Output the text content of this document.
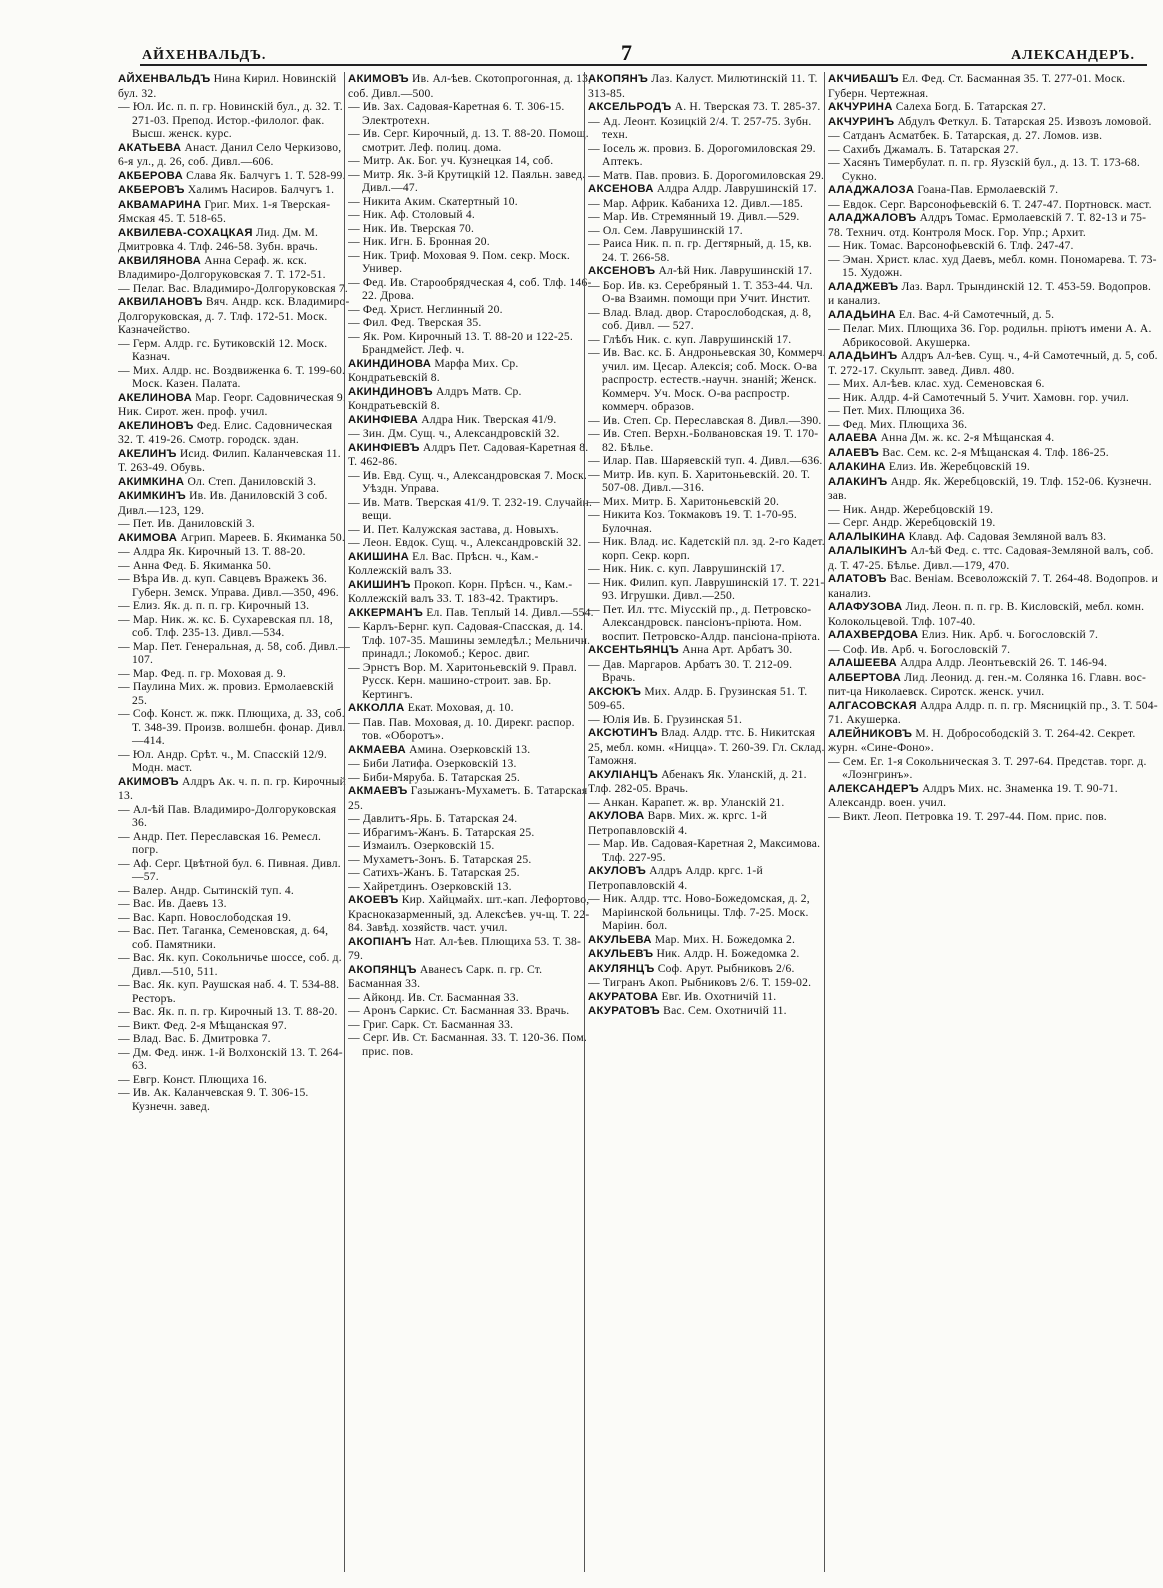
АЙХЕНВАЛЬДЪ.	7	АЛЕКСАНДЕРЪ.
АЙХЕНВАЛЬДЪ Нина Кирил. Новинскій бул. 32.
— Юл. Ис. п. п. гр. Новинскій бул., д. 32. Т. 271-03. Препод. Истор.-филолог. фак. Высш. женск. курс.
АКАТЬЕВА Анаст. Данил Село Черкизово, 6-я ул., д. 26, соб. Дивл.—606.
АКБЕРОВА Слава Як. Балчугъ 1. Т. 528-99.
АКБЕРОВЪ Халимъ Насиров. Балчугъ 1.
АКВАМАРИНА Григ. Мих. 1-я Тверская-Ямская 45. Т. 518-65.
АКВИЛЕВА-СОХАЦКАЯ Лид. Дм. М. Дмитровка 4. Тлф. 246-58. Зубн. врачь.
АКВИЛЯНОВА Анна Сераф. ж. кск. Владимиро-Долгоруковская 7. Т. 172-51.
— Пелаг. Вас. Владимиро-Долгоруковская 7.
АКВИЛАНОВЪ Вяч. Андр. кск. Владимиро-Долгоруковская, д. 7. Тлф. 172-51. Моск. Казначейство.
— Герм. Алдр. гс. Бутиковскій 12. Моск. Казнач.
— Мих. Алдр. нс. Воздвиженка 6. Т. 199-60. Моск. Казен. Палата.
АКЕЛИНОВА Мар. Георг. Садовническая 9. Ник. Сирот. жен. проф. учил.
АКЕЛИНОВЪ Фед. Елис. Садовническая 32. Т. 419-26. Смотр. городск. здан.
АКЕЛИНЪ Исид. Филип. Каланчевская 11. Т. 263-49. Обувь.
АКИМКИНА Ол. Степ. Даниловскій 3.
АКИМКИНЪ Ив. Ив. Даниловскій 3 соб. Дивл.—123, 129.
— Пет. Ив. Даниловскій 3.
АКИМОВА Агрип. Мареев. Б. Якиманка 50.
— Алдра Як. Кирочный 13. Т. 88-20.
— Анна Фед. Б. Якиманка 50.
— Вѣра Ив. д. куп. Савцевъ Вражекъ 36. Губерн. Земск. Управа. Дивл.—350, 496.
— Елиз. Як. д. п. п. гр. Кирочный 13.
— Мар. Ник. ж. кс. Б. Сухаревская пл. 18, соб. Тлф. 235-13. Дивл.—534.
— Мар. Пет. Генеральная, д. 58, соб. Дивл.—107.
— Мар. Фед. п. гр. Моховая д. 9.
— Паулина Мих. ж. провиз. Ермолаевскій 25.
— Соф. Конст. ж. пжк. Плющиха, д. 33, соб. Т. 348-39. Произв. волшебн. фонар. Дивл.—414.
— Юл. Андр. Срѣт. ч., М. Спасскій 12/9. Модн. маст.
АКИМОВЪ Алдръ Ак. ч. п. п. гр. Кирочный 13.
— Ал-ѣй Пав. Владимиро-Долгоруковская 36.
— Андр. Пет. Переславская 16. Ремесл. погр.
— Аф. Серг. Цвѣтной бул. 6. Пивная. Дивл.—57.
— Валер. Андр. Сытинскій туп. 4.
— Вас. Ив. Даевъ 13.
— Вас. Карп. Новослободская 19.
— Вас. Пет. Таганка, Семеновская, д. 64, соб. Памятники.
— Вас. Як. куп. Сокольничье шоссе, соб. д. Дивл.—510, 511.
— Вас. Як. куп. Раушская наб. 4. Т. 534-88. Ресторъ.
— Вас. Як. п. п. гр. Кирочный 13. Т. 88-20.
— Викт. Фед. 2-я Мѣщанская 97.
— Влад. Вас. Б. Дмитровка 7.
— Дм. Фед. инж. 1-й Волхонскій 13. Т. 264-63.
— Евгр. Конст. Плющиха 16.
— Ив. Ак. Каланчевская 9. Т. 306-15. Кузнечн. завед.
АКИМОВЪ Ив. Ал-ѣев. Скотопрогонная, д. 13, соб. Дивл.—500.
— Ив. Зах. Садовая-Каретная 6. Т. 306-15. Электротехн.
— Ив. Серг. Кирочный, д. 13. Т. 88-20. Помощ. смотрит. Леф. полиц. дома.
— Митр. Ак. Бог. уч. Кузнецкая 14, соб.
— Митр. Як. 3-й Крутицкій 12. Паяльн. завед. Дивл.—47.
— Никита Аким. Скатертный 10.
— Ник. Аф. Столовый 4.
— Ник. Ив. Тверская 70.
— Ник. Игн. Б. Бронная 20.
— Ник. Триф. Моховая 9. Пом. секр. Моск. Универ.
— Фед. Ив. Старообрядческая 4, соб. Тлф. 146-22. Дрова.
— Фед. Христ. Неглинный 20.
— Фил. Фед. Тверская 35.
— Як. Ром. Кирочный 13. Т. 88-20 и 122-25. Брандмейст. Леф. ч.
АКИНДИНОВА Марфа Мих. Ср. Кондратьевскій 8.
АКИНДИНОВЪ Алдръ Матв. Ср. Кондратьевскій 8.
АКИНФІЕВА Алдра Ник. Тверская 41/9.
— Зин. Дм. Сущ. ч., Александровскій 32.
АКИНФІЕВЪ Алдръ Пет. Садовая-Каретная 8. Т. 462-86.
— Ив. Евд. Сущ. ч., Александровская 7. Моск. Уѣздн. Управа.
— Ив. Матв. Тверская 41/9. Т. 232-19. Случайн. вещи.
— И. Пет. Калужская застава, д. Новыхъ.
— Леон. Евдок. Сущ. ч., Александровскій 32.
АКИШИНА Ел. Вас. Прѣсн. ч., Кам.-Коллежскій валъ 33.
АКИШИНЪ Прокоп. Корн. Прѣсн. ч., Кам.-Коллежскій валъ 33. Т. 183-42. Трактиръ.
АККЕРМАНЪ Ел. Пав. Теплый 14. Дивл.—554.
— Карлъ-Бернг. куп. Садовая-Спасская, д. 14. Тлф. 107-35. Машины земледѣл.; Мельничн. принадл.; Локомоб.; Керос. двиг.
— Эрнстъ Вор. М. Харитоньевскій 9. Правл. Русск. Керн. машино-строит. зав. Бр. Кертингъ.
АККОЛЛА Екат. Моховая, д. 10.
— Пав. Пав. Моховая, д. 10. Дирекг. распор. тов. «Оборотъ».
АКМАЕВА Амина. Озерковскій 13.
— Биби Латифа. Озерковскій 13.
— Биби-Мяруба. Б. Татарская 25.
АКМАЕВЪ Газыжанъ-Мухаметъ. Б. Татарская 25.
— Давлитъ-Ярь. Б. Татарская 24.
— Ибрагимъ-Жанъ. Б. Татарская 25.
— Измаилъ. Озерковскій 15.
— Мухаметъ-Зонъ. Б. Татарская 25.
— Сатихъ-Жанъ. Б. Татарская 25.
— Хайретдинъ. Озерковскій 13.
АКОЕВЪ Кир. Хайцмайх. шт.-кап. Лефортово, Красноказарменный, зд. Алексѣев. уч-щ. Т. 22-84. Завѣд. хозяйств. част. учил.
АКОПІАНЪ Нат. Ал-ѣев. Плющиха 53. Т. 38-79.
АКОПЯНЦЪ Аванесъ Сарк. п. гр. Ст. Басманная 33.
— Айконд. Ив. Ст. Басманная 33.
— Аронъ Саркис. Ст. Басманная 33. Врачь.
— Григ. Сарк. Ст. Басманная 33.
— Серг. Ив. Ст. Басманная. 33. Т. 120-36. Пом. прис. пов.
АКОПЯНЪ Лаз. Калуст. Милютинскій 11. Т. 313-85.
АКСЕЛЬРОДЪ А. Н. Тверская 73. Т. 285-37.
— Ад. Леонт. Козицкій 2/4. Т. 257-75. Зубн. техн.
— Іосель ж. провиз. Б. Дорогомиловская 29. Аптекъ.
— Матв. Пав. провиз. Б. Дорогомиловская 29.
АКСЕНОВА Алдра Алдр. Лаврушинскій 17.
— Мар. Африк. Кабаниха 12. Дивл.—185.
— Мар. Ив. Стремянный 19. Дивл.—529.
— Ол. Сем. Лаврушинскій 17.
— Раиса Ник. п. п. гр. Дегтярный, д. 15, кв. 24. Т. 266-58.
АКСЕНОВЪ Ал-ѣй Ник. Лаврушинскій 17.
— Бор. Ив. кз. Серебряный 1. Т. 353-44. Чл. О-ва Взаимн. помощи при Учит. Инстит.
— Влад. Влад. двор. Старослободская, д. 8, соб. Дивл. — 527.
— Глѣбъ Ник. с. куп. Лаврушинскій 17.
— Ив. Вас. кс. Б. Андроньевская 30, Коммерч. учил. им. Цесар. Алексія; соб. Моск. О-ва распростр. естеств.-научн. знаній; Женск. Коммерч. Уч. Моск. О-ва распростр. коммерч. образов.
— Ив. Степ. Ср. Переславская 8. Дивл.—390.
— Ив. Степ. Верхн.-Болвановская 19. Т. 170-82. Бѣлье.
— Илар. Пав. Шаряевскій туп. 4. Дивл.—636.
— Митр. Ив. куп. Б. Харитоньевскій. 20. Т. 507-08. Дивл.—316.
— Мих. Митр. Б. Харитоньевскій 20.
— Никита Коз. Токмаковъ 19. Т. 1-70-95. Булочная.
— Ник. Влад. ис. Кадетскій пл. зд. 2-го Кадет. корп. Секр. корп.
— Ник. Ник. с. куп. Лаврушинскій 17.
— Ник. Филип. куп. Лаврушинскій 17. Т. 221-93. Игрушки. Дивл.—250.
— Пет. Ил. ттс. Міусскій пр., д. Петровско-Александровск. пансіонъ-пріюта. Ном. воспит. Петровско-Алдр. пансіона-пріюта.
АКСЕНТЬЯНЦЪ Анна Арт. Арбатъ 30.
— Дав. Маргаров. Арбатъ 30. Т. 212-09. Врачь.
АКСЮКЪ Мих. Алдр. Б. Грузинская 51. Т. 509-65.
— Юлія Ив. Б. Грузинская 51.
АКСЮТИНЪ Влад. Алдр. ттс. Б. Никитская 25, мебл. комн. «Ницца». Т. 260-39. Гл. Склад. Таможня.
АКУЛІАНЦЪ Абенакъ Як. Уланскій, д. 21. Тлф. 282-05. Врачь.
— Анкан. Карапет. ж. вр. Уланскій 21.
АКУЛОВА Варв. Мих. ж. кргс. 1-й Петропавловскій 4.
— Мар. Ив. Садовая-Каретная 2, Максимова. Тлф. 227-95.
АКУЛОВЪ Алдръ Алдр. кргс. 1-й Петропавловскій 4.
— Ник. Алдр. ттс. Ново-Божедомская, д. 2, Маріинской больницы. Тлф. 7-25. Моск. Маріин. бол.
АКУЛЬЕВА Мар. Мих. Н. Божедомка 2.
АКУЛЬЕВЪ Ник. Алдр. Н. Божедомка 2.
АКУЛЯНЦЪ Соф. Арут. Рыбниковъ 2/6.
— Тигранъ Акоп. Рыбниковъ 2/6. Т. 159-02.
АКУРАТОВА Евг. Ив. Охотничій 11.
АКУРАТОВЪ Вас. Сем. Охотничій 11.
АКЧИБАШЪ Ел. Фед. Ст. Басманная 35. Т. 277-01. Моск. Губерн. Чертежная.
АКЧУРИНА Салеха Богд. Б. Татарская 27.
АКЧУРИНЪ Абдулъ Феткул. Б. Татарская 25. Извозъ ломовой.
— Сатданъ Асматбек. Б. Татарская, д. 27. Ломов. изв.
— Сахибъ Джамалъ. Б. Татарская 27.
— Хасянъ Тимербулат. п. п. гр. Яузскій бул., д. 13. Т. 173-68. Сукно.
АЛАДЖАЛОЗА Гоана-Пав. Ермолаевскій 7.
— Евдок. Серг. Варсонофьевскій 6. Т. 247-47. Портновск. маст.
АЛАДЖАЛОВЪ Алдръ Томас. Ермолаевскій 7. Т. 82-13 и 75-78. Технич. отд. Контроля Моск. Гор. Упр.; Архит.
— Ник. Томас. Варсонофьевскій 6. Тлф. 247-47.
— Эман. Христ. клас. худ Даевъ, мебл. комн. Пономарева. Т. 73-15. Художн.
АЛАДЖЕВЪ Лаз. Варл. Трындинскій 12. Т. 453-59. Водопров. и канализ.
АЛАДЬИНА Ел. Вас. 4-й Самотечный, д. 5.
— Пелаг. Мих. Плющиха 36. Гор. родильн. пріютъ имени А. А. Абрикосовой. Акушерка.
АЛАДЬИНЪ Алдръ Ал-ѣев. Сущ. ч., 4-й Самотечный, д. 5, соб. Т. 272-17. Скульпт. завед. Дивл. 480.
— Мих. Ал-ѣев. клас. худ. Семеновская 6.
— Ник. Алдр. 4-й Самотечный 5. Учит. Хамовн. гор. учил.
— Пет. Мих. Плющиха 36.
— Фед. Мих. Плющиха 36.
АЛАЕВА Анна Дм. ж. кс. 2-я Мѣщанская 4.
АЛАЕВЪ Вас. Сем. кс. 2-я Мѣщанская 4. Тлф. 186-25.
АЛАКИНА Елиз. Ив. Жеребцовскій 19.
АЛАКИНЪ Андр. Як. Жеребцовскій, 19. Тлф. 152-06. Кузнечн. зав.
— Ник. Андр. Жеребцовскій 19.
— Серг. Андр. Жеребцовскій 19.
АЛАЛЫКИНА Клавд. Аф. Садовая Земляной валъ 83.
АЛАЛЫКИНЪ Ал-ѣй Фед. с. ттс. Садовая-Земляной валъ, соб. д. Т. 47-25. Бѣлье. Дивл.—179, 470.
АЛАТОВЪ Вас. Веніам. Всеволожскій 7. Т. 264-48. Водопров. и канализ.
АЛАФУЗОВА Лид. Леон. п. п. гр. В. Кисловскій, мебл. комн. Колокольцевой. Тлф. 107-40.
АЛАХВЕРДОВА Елиз. Ник. Арб. ч. Богословскій 7.
— Соф. Ив. Арб. ч. Богословскій 7.
АЛАШЕЕВА Алдра Алдр. Леонтьевскій 26. Т. 146-94.
АЛБЕРТОВА Лид. Леонид. д. ген.-м. Солянка 16. Главн. вос-пит-ца Николаевск. Сиротск. женск. учил.
АЛГАСОВСКАЯ Алдра Алдр. п. п. гр. Мясницкій пр., 3. Т. 504-71. Акушерка.
АЛЕЙНИКОВЪ М. Н. Добросободскій 3. Т. 264-42. Секрет. журн. «Сине-Фоно».
— Сем. Ег. 1-я Сокольническая 3. Т. 297-64. Представ. торг. д. «Лоэнгринъ».
АЛЕКСАНДЕРЪ Алдръ Мих. нс. Знаменка 19. Т. 90-71. Александр. воен. учил.
— Викт. Леоп. Петровка 19. Т. 297-44. Пом. прис. пов.
